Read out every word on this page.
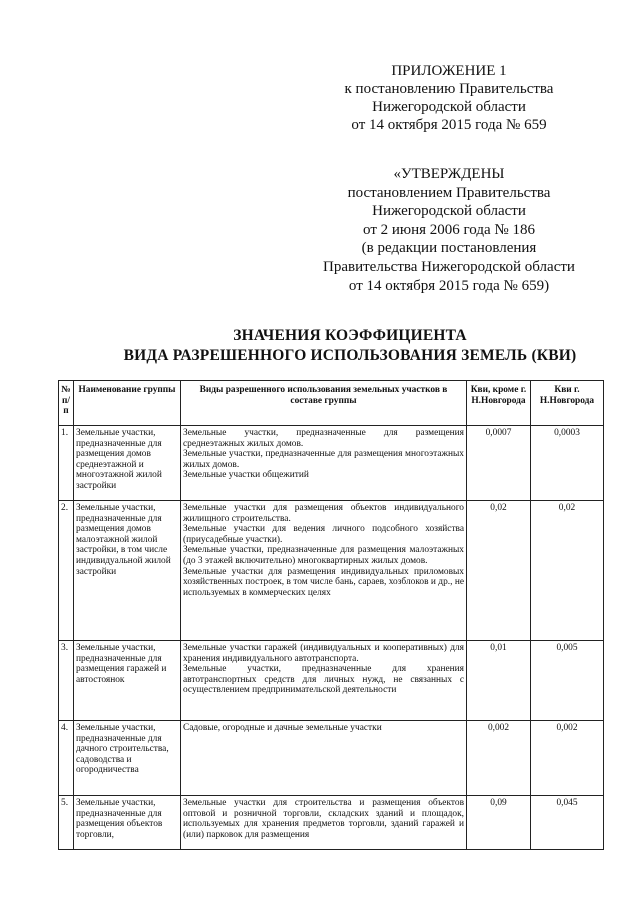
ПРИЛОЖЕНИЕ 1
к постановлению Правительства
Нижегородской области
от 14 октября 2015 года № 659
«УТВЕРЖДЕНЫ
постановлением Правительства
Нижегородской области
от 2 июня 2006 года № 186
(в редакции постановления
Правительства Нижегородской области
от 14 октября 2015 года № 659)
ЗНАЧЕНИЯ КОЭФФИЦИЕНТА
ВИДА РАЗРЕШЕННОГО ИСПОЛЬЗОВАНИЯ ЗЕМЕЛЬ (КВИ)
№ п/п	Наименование группы	Виды разрешенного использования земельных участков в составе группы	Кви, кроме г. Н.Новгорода	Кви г. Н.Новгорода
1.	Земельные участки, предназначенные для размещения домов среднеэтажной и многоэтажной жилой застройки	Земельные участки, предназначенные для размещения среднеэтажных жилых домов.
Земельные участки, предназначенные для размещения многоэтажных жилых домов.
Земельные участки общежитий	0,0007	0,0003
2.	Земельные участки, предназначенные для размещения домов малоэтажной жилой застройки, в том числе индивидуальной жилой застройки	Земельные участки для размещения объектов индивидуального жилищного строительства.
Земельные участки для ведения личного подсобного хозяйства (приусадебные участки).
Земельные участки, предназначенные для размещения малоэтажных (до 3 этажей включительно) многоквартирных жилых домов.
Земельные участки для размещения индивидуальных приломовых хозяйственных построек, в том числе бань, сараев, хозблоков и др., не используемых в коммерческих целях	0,02	0,02
3.	Земельные участки, предназначенные для размещения гаражей и автостоянок	Земельные участки гаражей (индивидуальных и кооперативных) для хранения индивидуального автотранспорта.
Земельные участки, предназначенные для хранения автотранспортных средств для личных нужд, не связанных с осуществлением предпринимательской деятельности	0,01	0,005
4.	Земельные участки, предназначенные для дачного строительства, садоводства и огородничества	Садовые, огородные и дачные земельные участки	0,002	0,002
5.	Земельные участки, предназначенные для размещения объектов торговли,	Земельные участки для строительства и размещения объектов оптовой и розничной торговли, складских зданий и площадок, используемых для хранения предметов торговли, зданий гаражей и (или) парковок для размещения	0,09	0,045
